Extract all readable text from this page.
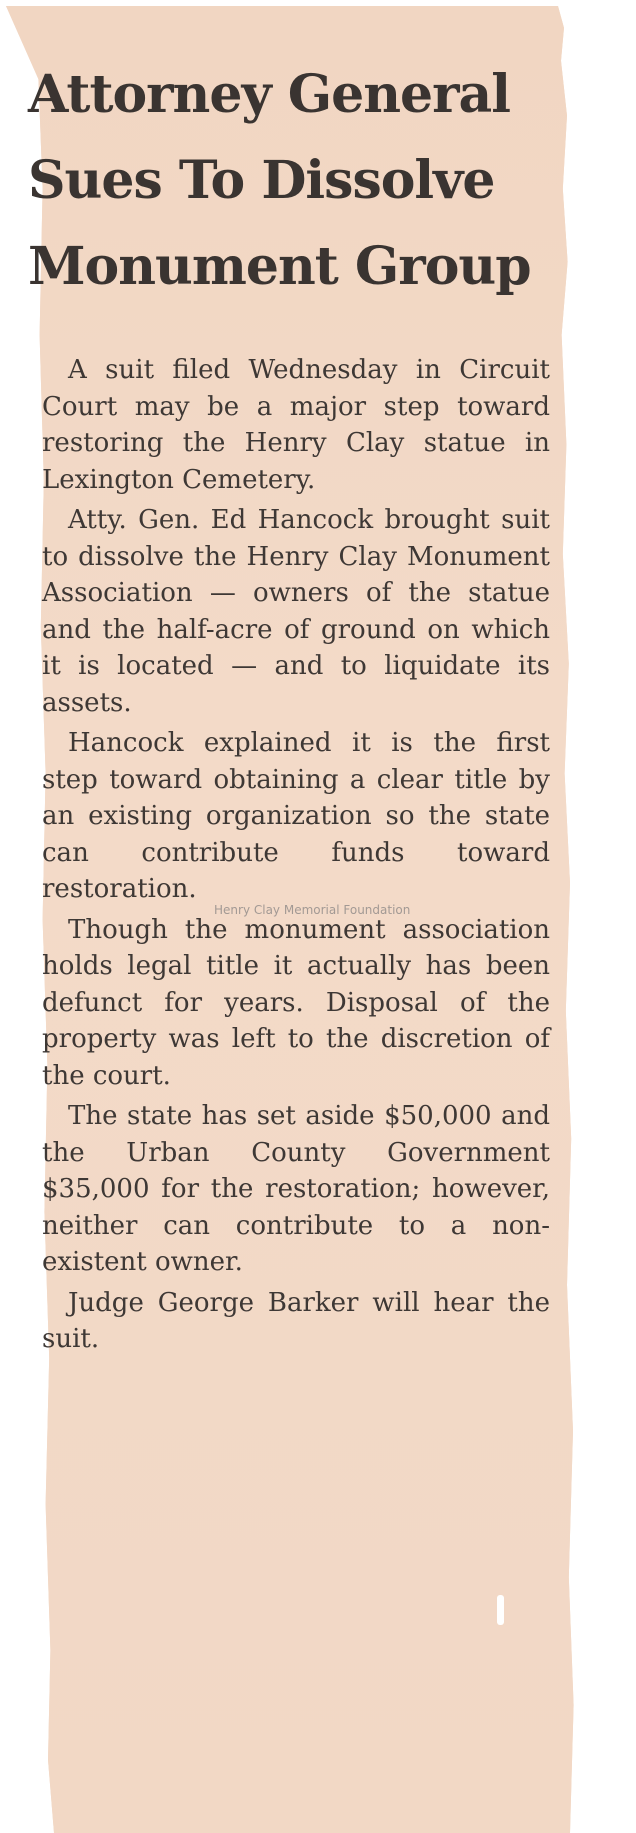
Attorney General
Sues To Dissolve
Monument Group

A suit filed Wednesday in Circuit Court may be a major step toward restoring the Henry Clay statue in Lexington Cemetery.

Atty. Gen. Ed Hancock brought suit to dissolve the Henry Clay Monument Association — owners of the statue and the half-acre of ground on which it is located — and to liquidate its assets.

Hancock explained it is the first step toward obtaining a clear title by an existing organization so the state can contribute funds toward restoration.

Though the monument association holds legal title it actually has been defunct for years. Disposal of the property was left to the discretion of the court.

The state has set aside $50,000 and the Urban County Government $35,000 for the restoration; however, neither can contribute to a non-existent owner.

Judge George Barker will hear the suit.

Henry Clay Memorial Foundation
